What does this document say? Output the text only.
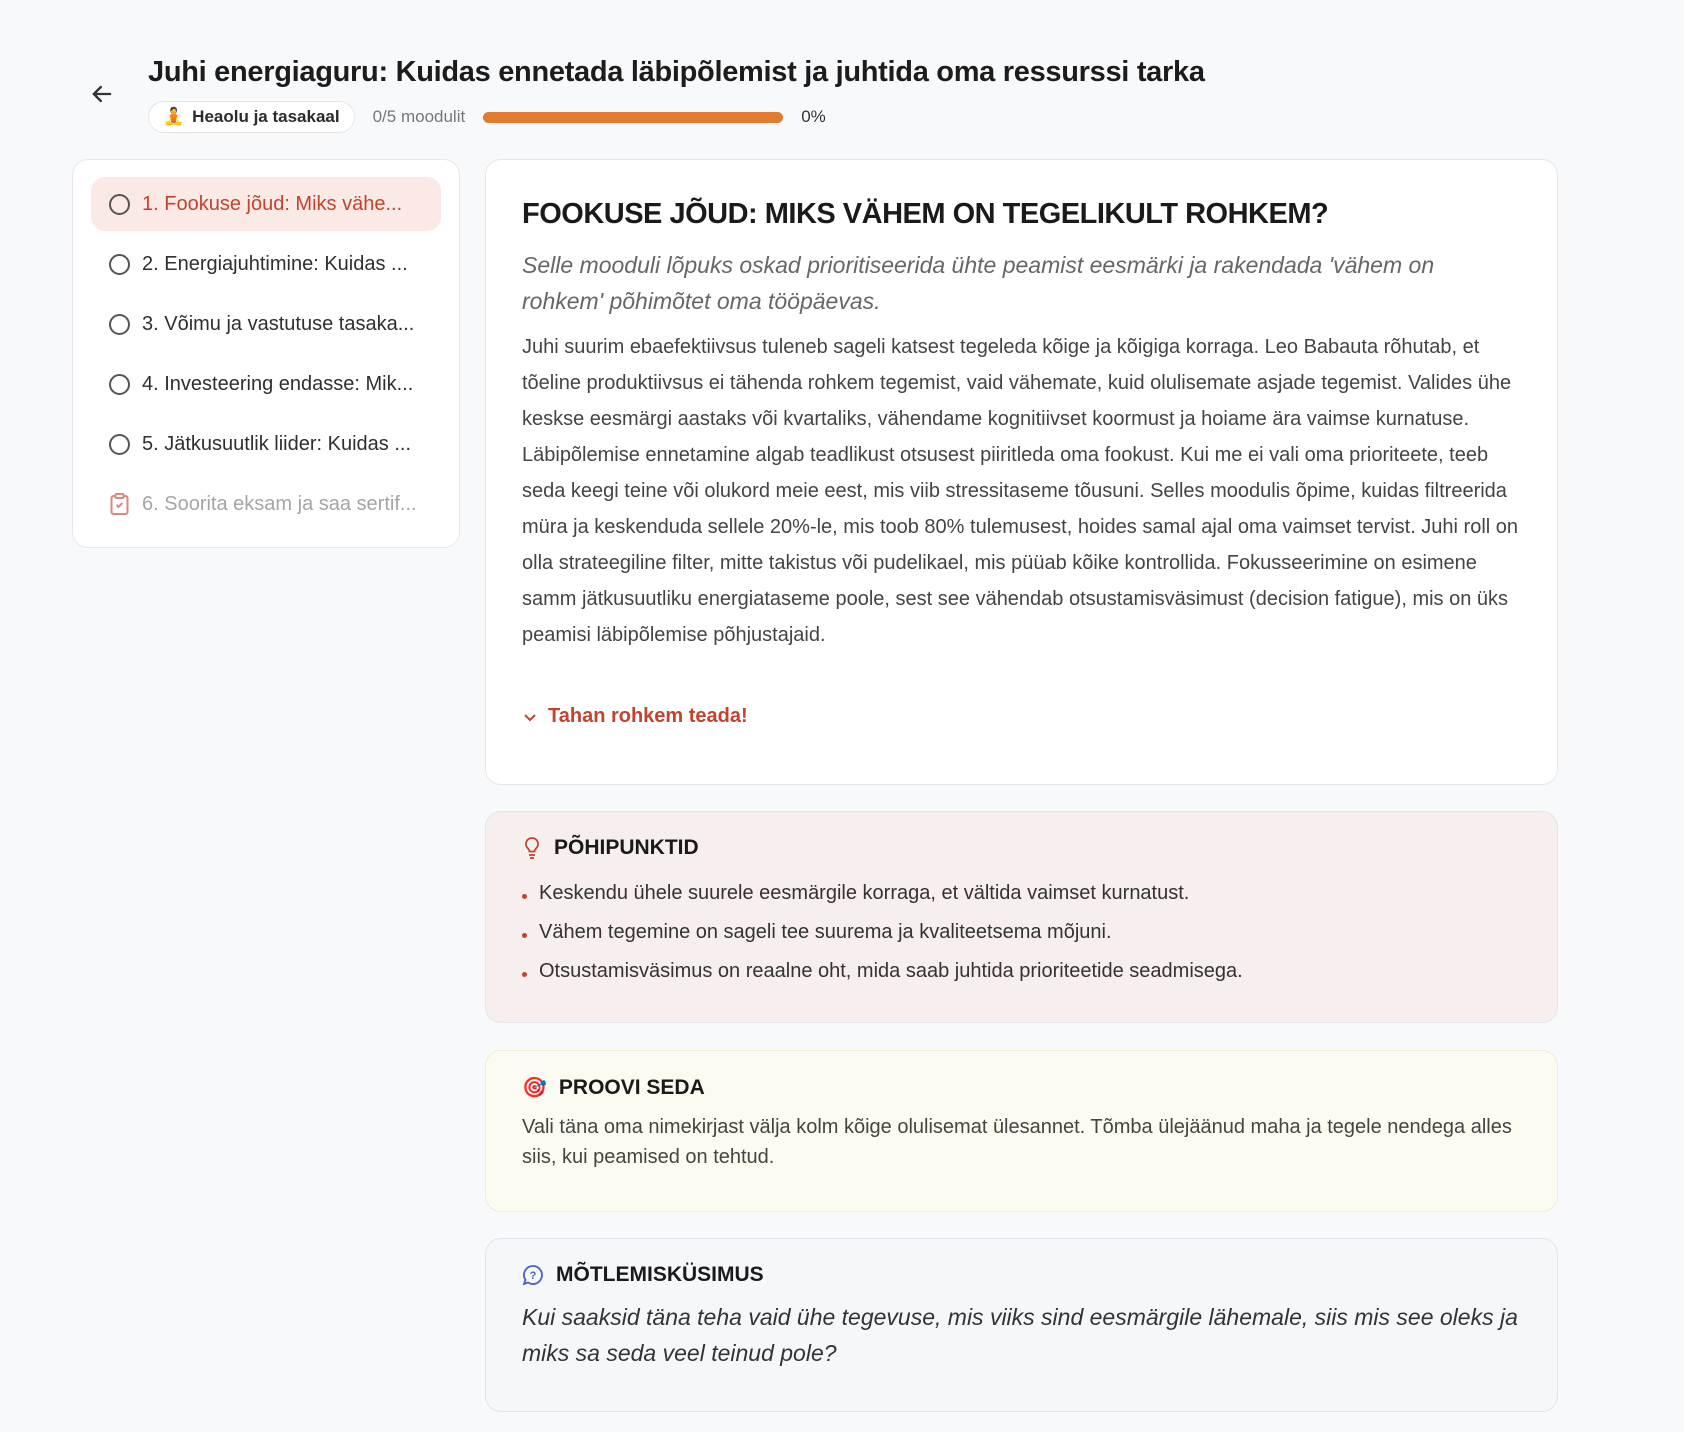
Juhi energiaguru: Kuidas ennetada läbipõlemist ja juhtida oma ressurssi tarka
🧘 Heaolu ja tasakaal 0/5 moodulit	0%
1. Fookuse jõud: Miks vähe...
2. Energiajuhtimine: Kuidas ...
3. Võimu ja vastutuse tasaka...
4. Investeering endasse: Mik...
5. Jätkusuutlik liider: Kuidas ...
6. Soorita eksam ja saa sertif...
FOOKUSE JÕUD: MIKS VÄHEM ON TEGELIKULT ROHKEM?
Selle mooduli lõpuks oskad prioritiseerida ühte peamist eesmärki ja rakendada 'vähem on rohkem' põhimõtet oma tööpäevas.
Juhi suurim ebaefektiivsus tuleneb sageli katsest tegeleda kõige ja kõigiga korraga. Leo Babauta rõhutab, et tõeline produktiivsus ei tähenda rohkem tegemist, vaid vähemate, kuid olulisemate asjade tegemist. Valides ühe keskse eesmärgi aastaks või kvartaliks, vähendame kognitiivset koormust ja hoiame ära vaimse kurnatuse. Läbipõlemise ennetamine algab teadlikust otsusest piiritleda oma fookust. Kui me ei vali oma prioriteete, teeb seda keegi teine või olukord meie eest, mis viib stressitaseme tõusuni. Selles moodulis õpime, kuidas filtreerida müra ja keskenduda sellele 20%-le, mis toob 80% tulemusest, hoides samal ajal oma vaimset tervist. Juhi roll on olla strateegiline filter, mitte takistus või pudelikael, mis püüab kõike kontrollida. Fokusseerimine on esimene samm jätkusuutliku energiataseme poole, sest see vähendab otsustamisväsimust (decision fatigue), mis on üks peamisi läbipõlemise põhjustajaid.
Tahan rohkem teada!
PÕHIPUNKTID
Keskendu ühele suurele eesmärgile korraga, et vältida vaimset kurnatust.
Vähem tegemine on sageli tee suurema ja kvaliteetsema mõjuni.
Otsustamisväsimus on reaalne oht, mida saab juhtida prioriteetide seadmisega.
🎯 PROOVI SEDA
Vali täna oma nimekirjast välja kolm kõige olulisemat ülesannet. Tõmba ülejäänud maha ja tegele nendega alles siis, kui peamised on tehtud.
? MÕTLEMISKÜSIMUS
Kui saaksid täna teha vaid ühe tegevuse, mis viiks sind eesmärgile lähemale, siis mis see oleks ja miks sa seda veel teinud pole?
